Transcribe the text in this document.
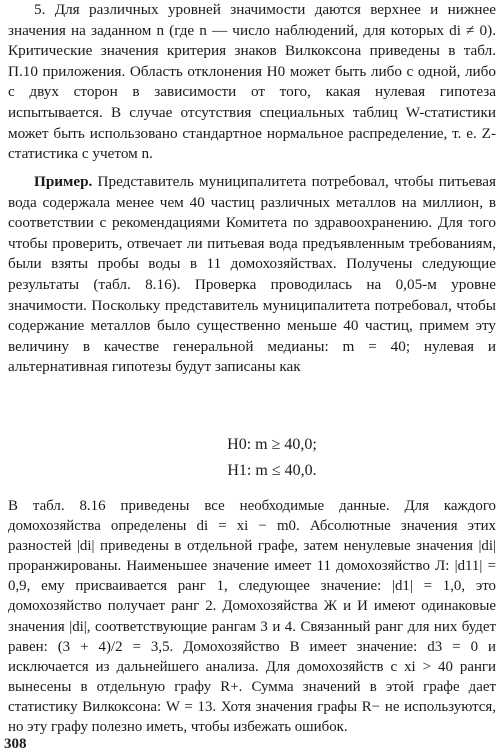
5. Для различных уровней значимости даются верхнее и нижнее значения на заданном n (где n — число наблюдений, для которых di ≠ 0). Критические значения критерия знаков Вилкоксона приведены в табл. П.10 приложения. Область отклонения H0 может быть либо с одной, либо с двух сторон в зависимости от того, какая нулевая гипотеза испытывается. В случае отсутствия специальных таблиц W-статистики может быть использовано стандартное нормальное распределение, т. е. Z-статистика с учетом n.

Пример. Представитель муниципалитета потребовал, чтобы питьевая вода содержала менее чем 40 частиц различных металлов на миллион, в соответствии с рекомендациями Комитета по здравоохранению. Для того чтобы проверить, отвечает ли питьевая вода предъявленным требованиям, были взяты пробы воды в 11 домохозяйствах. Получены следующие результаты (табл. 8.16). Проверка проводилась на 0,05-м уровне значимости. Поскольку представитель муниципалитета потребовал, чтобы содержание металлов было существенно меньше 40 частиц, примем эту величину в качестве генеральной медианы: m = 40; нулевая и альтернативная гипотезы будут записаны как

H0: m ≥ 40,0;
H1: m ≤ 40,0.

В табл. 8.16 приведены все необходимые данные. Для каждого домохозяйства определены di = xi − m0. Абсолютные значения этих разностей |di| приведены в отдельной графе, затем ненулевые значения |di| проранжированы. Наименьшее значение имеет 11 домохозяйство Л: |d11| = 0,9, ему присваивается ранг 1, следующее значение: |d1| = 1,0, это домохозяйство получает ранг 2. Домохозяйства Ж и И имеют одинаковые значения |di|, соответствующие рангам 3 и 4. Связанный ранг для них будет равен: (3 + 4)/2 = 3,5. Домохозяйство В имеет значение: d3 = 0 и исключается из дальнейшего анализа. Для домохозяйств с xi > 40 ранги вынесены в отдельную графу R+. Сумма значений в этой графе дает статистику Вилкоксона: W = 13. Хотя значения графы R− не используются, но эту графу полезно иметь, чтобы избежать ошибок.

308
